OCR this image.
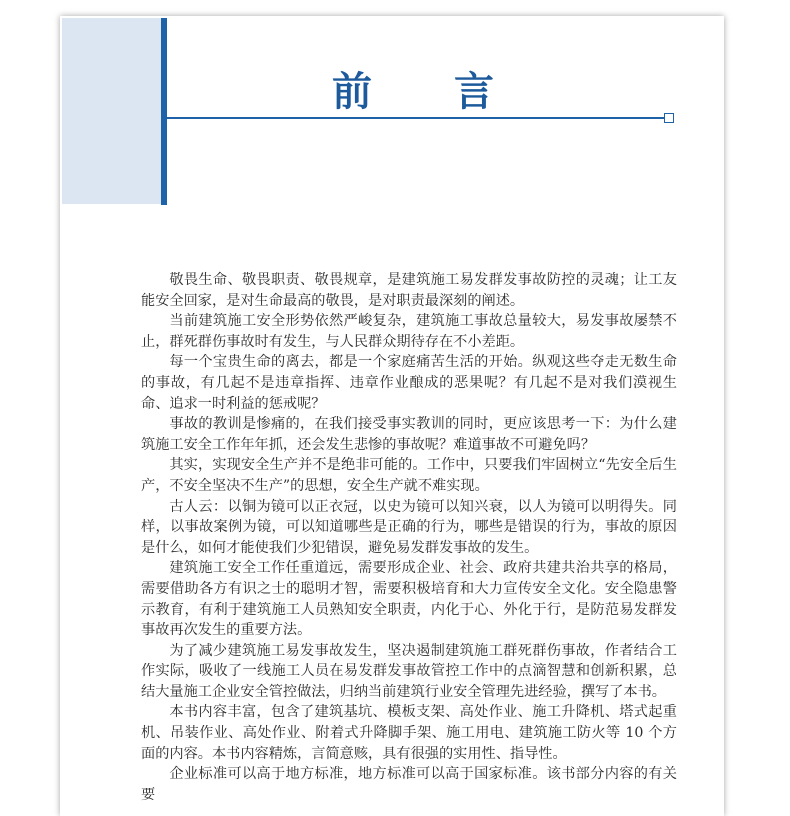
前 言

敬畏生命、敬畏职责、敬畏规章，是建筑施工易发群发事故防控的灵魂；让工友能安全回家，是对生命最高的敬畏，是对职责最深刻的阐述。

当前建筑施工安全形势依然严峻复杂，建筑施工事故总量较大，易发事故屡禁不止，群死群伤事故时有发生，与人民群众期待存在不小差距。

每一个宝贵生命的离去，都是一个家庭痛苦生活的开始。纵观这些夺走无数生命的事故，有几起不是违章指挥、违章作业酿成的恶果呢？有几起不是对我们漠视生命、追求一时利益的惩戒呢？

事故的教训是惨痛的，在我们接受事实教训的同时，更应该思考一下：为什么建筑施工安全工作年年抓，还会发生悲惨的事故呢？难道事故不可避免吗？

其实，实现安全生产并不是绝非可能的。工作中，只要我们牢固树立“先安全后生产，不安全坚决不生产”的思想，安全生产就不难实现。

古人云：以铜为镜可以正衣冠，以史为镜可以知兴衰，以人为镜可以明得失。同样，以事故案例为镜，可以知道哪些是正确的行为，哪些是错误的行为，事故的原因是什么，如何才能使我们少犯错误，避免易发群发事故的发生。

建筑施工安全工作任重道远，需要形成企业、社会、政府共建共治共享的格局，需要借助各方有识之士的聪明才智，需要积极培育和大力宣传安全文化。安全隐患警示教育，有利于建筑施工人员熟知安全职责，内化于心、外化于行，是防范易发群发事故再次发生的重要方法。

为了减少建筑施工易发事故发生，坚决遏制建筑施工群死群伤事故，作者结合工作实际，吸收了一线施工人员在易发群发事故管控工作中的点滴智慧和创新积累，总结大量施工企业安全管控做法，归纳当前建筑行业安全管理先进经验，撰写了本书。

本书内容丰富，包含了建筑基坑、模板支架、高处作业、施工升降机、塔式起重机、吊装作业、高处作业、附着式升降脚手架、施工用电、建筑施工防火等 10 个方面的内容。本书内容精炼，言简意赅，具有很强的实用性、指导性。

企业标准可以高于地方标准，地方标准可以高于国家标准。该书部分内容的有关要
